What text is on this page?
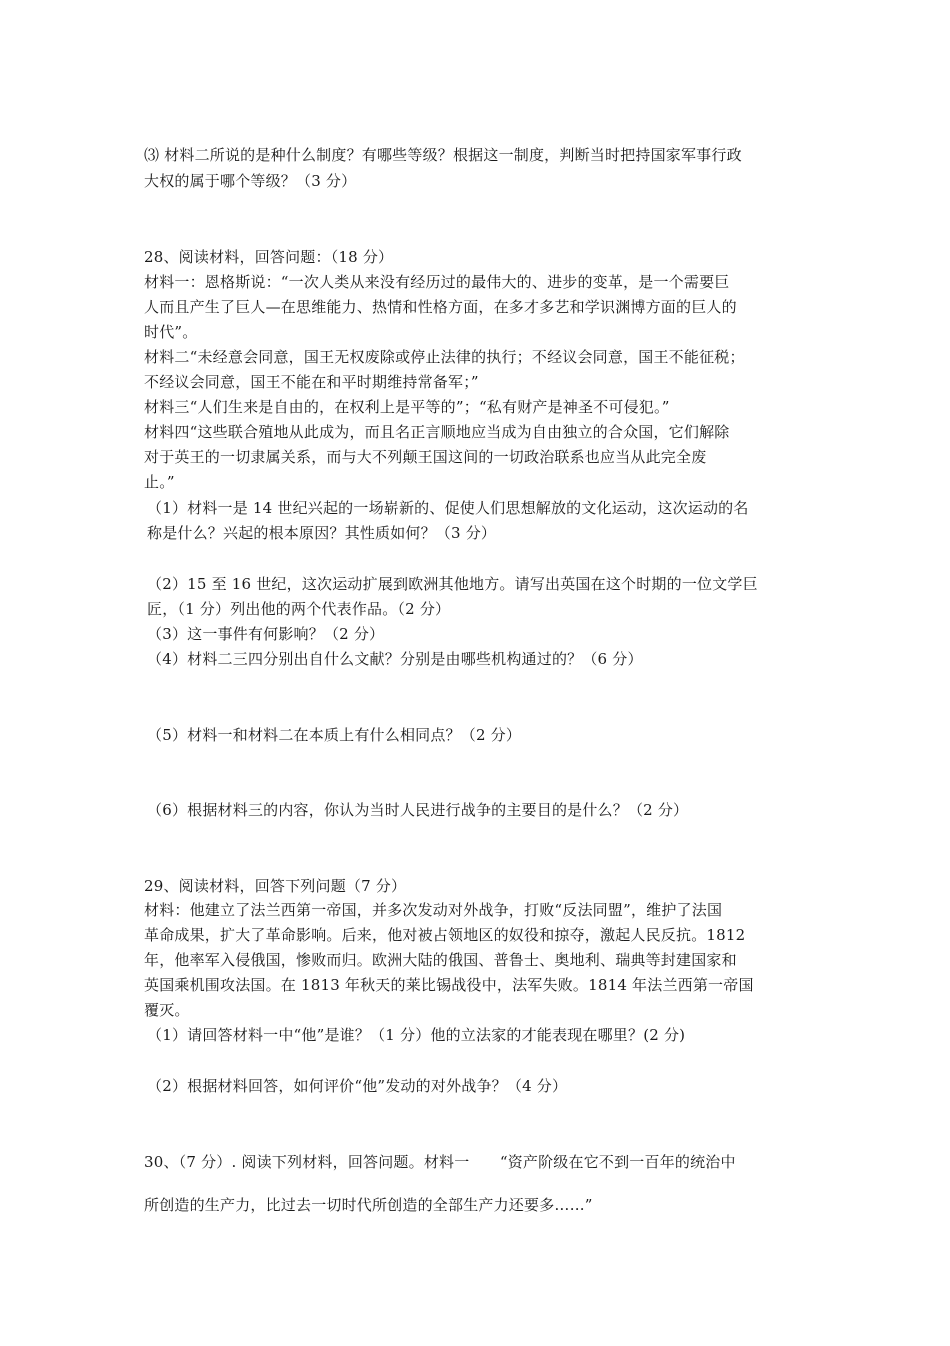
⑶ 材料二所说的是种什么制度？有哪些等级？根据这一制度，判断当时把持国家军事行政
大权的属于哪个等级？（3 分）
28、阅读材料，回答问题：（18 分）
材料一：恩格斯说：“一次人类从来没有经历过的最伟大的、进步的变革，是一个需要巨
人而且产生了巨人—在思维能力、热情和性格方面，在多才多艺和学识渊博方面的巨人的
时代”。
材料二“未经意会同意，国王无权废除或停止法律的执行；不经议会同意，国王不能征税；
不经议会同意，国王不能在和平时期维持常备军；”
材料三“人们生来是自由的，在权利上是平等的”；“私有财产是神圣不可侵犯。”
材料四“这些联合殖地从此成为，而且名正言顺地应当成为自由独立的合众国，它们解除
对于英王的一切隶属关系，而与大不列颠王国这间的一切政治联系也应当从此完全废
止。”
（1）材料一是 14 世纪兴起的一场崭新的、促使人们思想解放的文化运动，这次运动的名
称是什么？兴起的根本原因？其性质如何？（3 分）
（2）15 至 16 世纪，这次运动扩展到欧洲其他地方。请写出英国在这个时期的一位文学巨
匠，（1 分）列出他的两个代表作品。（2 分）
（3）这一事件有何影响？（2 分）
（4）材料二三四分别出自什么文献？分别是由哪些机构通过的？（6 分）
（5）材料一和材料二在本质上有什么相同点？（2 分）
（6）根据材料三的内容，你认为当时人民进行战争的主要目的是什么？（2 分）
29、阅读材料，回答下列问题（7 分）
材料：他建立了法兰西第一帝国，并多次发动对外战争，打败“反法同盟”，维护了法国
革命成果，扩大了革命影响。后来，他对被占领地区的奴役和掠夺，激起人民反抗。1812
年，他率军入侵俄国，惨败而归。欧洲大陆的俄国、普鲁士、奥地利、瑞典等封建国家和
英国乘机围攻法国。在 1813 年秋天的莱比锡战役中，法军失败。1814 年法兰西第一帝国
覆灭。
（1）请回答材料一中“他”是谁？（1 分）他的立法家的才能表现在哪里？(2 分)
（2）根据材料回答，如何评价“他”发动的对外战争？（4 分）
30、（7 分）. 阅读下列材料，回答问题。材料一　　“资产阶级在它不到一百年的统治中
所创造的生产力，比过去一切时代所创造的全部生产力还要多……”
